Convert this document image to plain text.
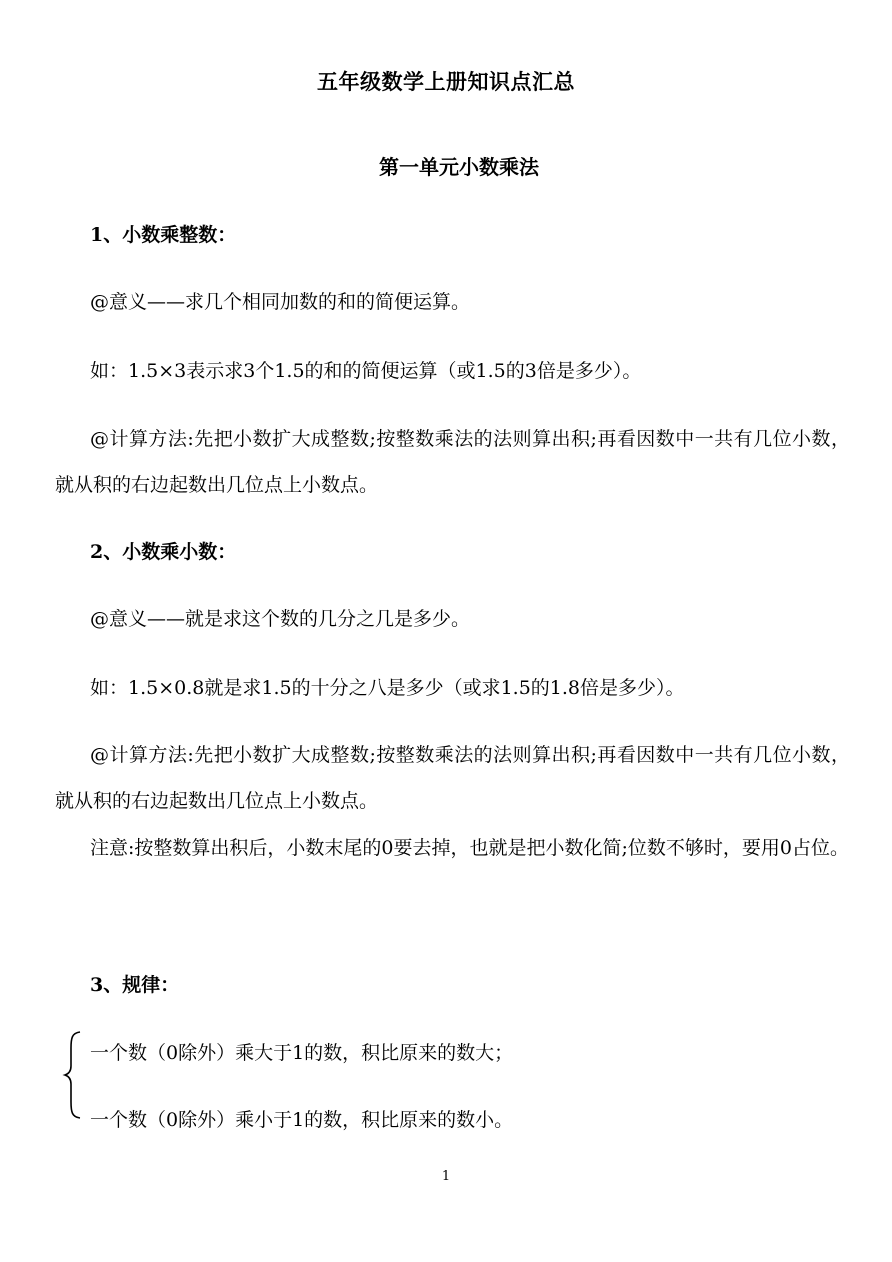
五年级数学上册知识点汇总
第一单元小数乘法
1、小数乘整数：
@意义——求几个相同加数的和的简便运算。
如：1.5×3表示求3个1.5的和的简便运算（或1.5的3倍是多少）。
@计算方法:先把小数扩大成整数;按整数乘法的法则算出积;再看因数中一共有几位小数，就从积的右边起数出几位点上小数点。
2、小数乘小数：
@意义——就是求这个数的几分之几是多少。
如：1.5×0.8就是求1.5的十分之八是多少（或求1.5的1.8倍是多少）。
@计算方法:先把小数扩大成整数;按整数乘法的法则算出积;再看因数中一共有几位小数，就从积的右边起数出几位点上小数点。
注意:按整数算出积后，小数末尾的0要去掉，也就是把小数化简;位数不够时，要用0占位。
3、规律：
一个数（0除外）乘大于1的数，积比原来的数大；
一个数（0除外）乘小于1的数，积比原来的数小。
1
